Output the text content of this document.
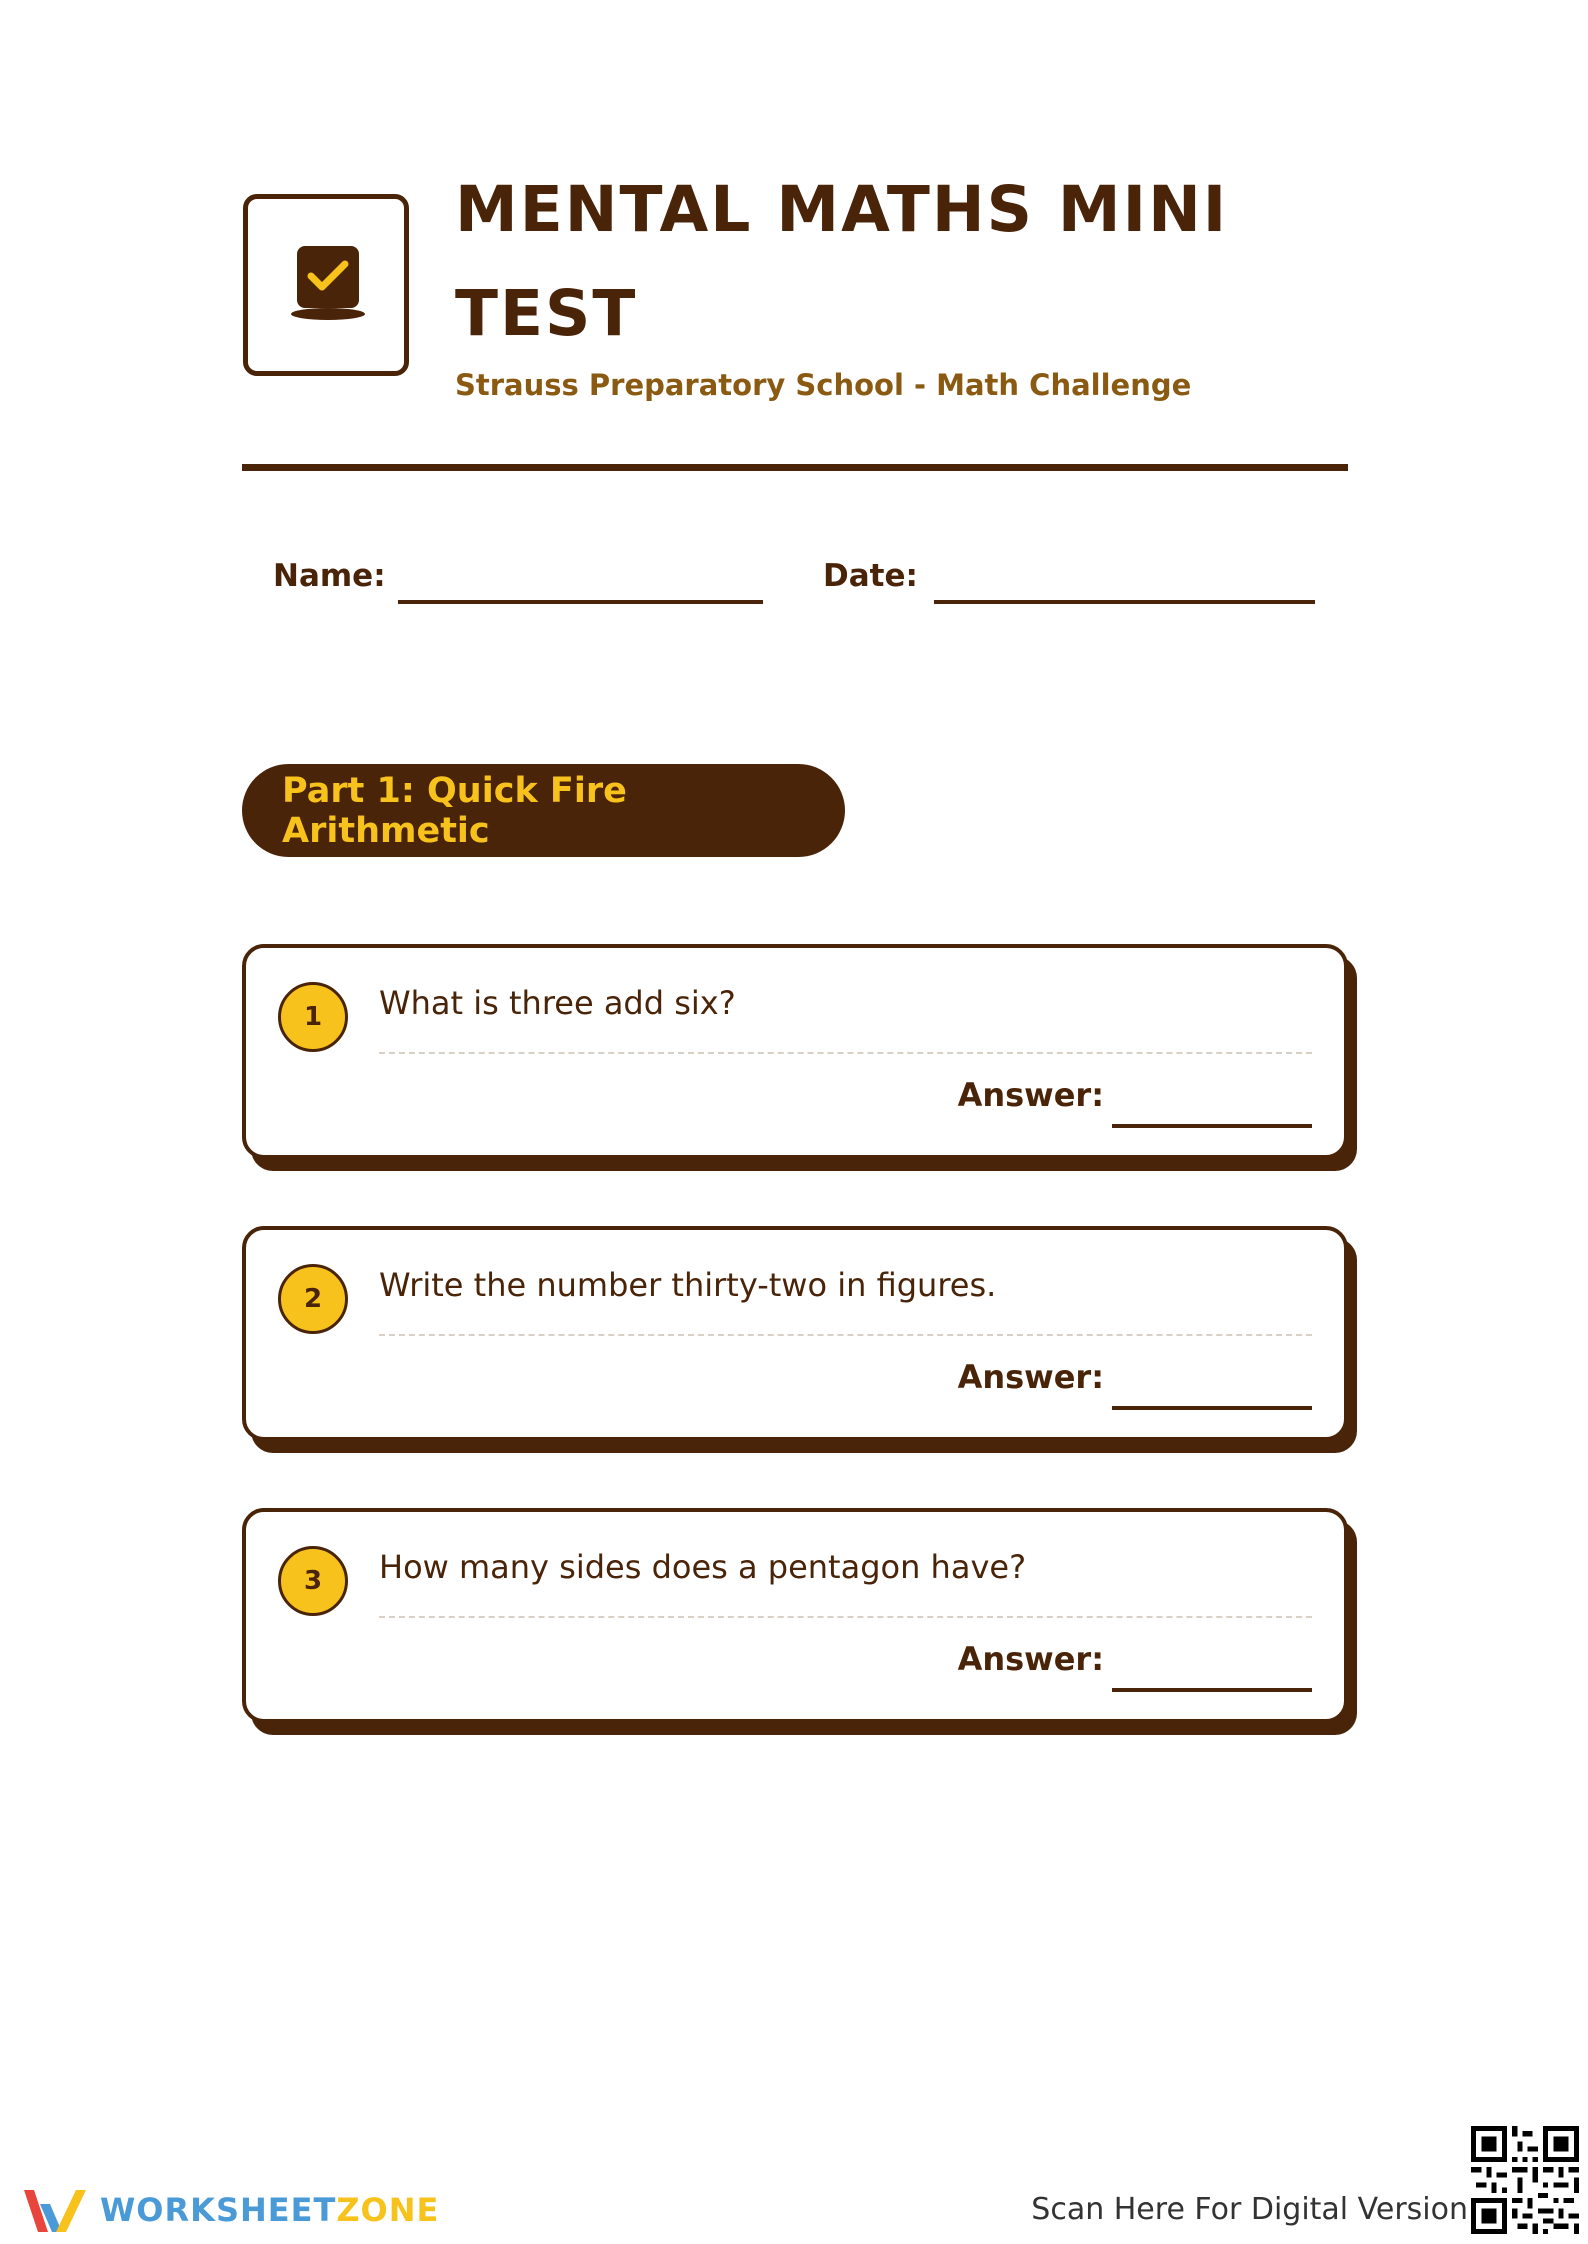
MENTAL MATHS MINI TEST
Strauss Preparatory School - Math Challenge
Name:	Date:
Part 1: Quick Fire Arithmetic
1	What is three add six?
Answer:
2	Write the number thirty-two in figures.
Answer:
3	How many sides does a pentagon have?
Answer:
WORKSHEETZONE	Scan Here For Digital Version
